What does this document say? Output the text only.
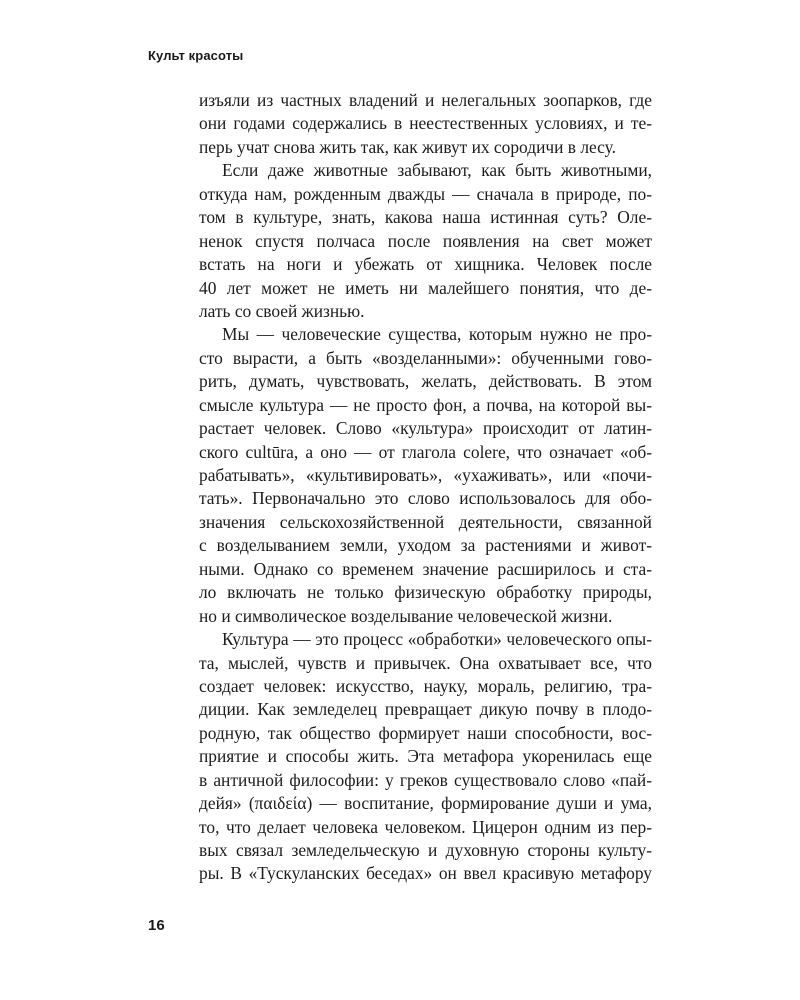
Культ красоты
изъяли из частных владений и нелегальных зоопарков, где
они годами содержались в неестественных условиях, и те-
перь учат снова жить так, как живут их сородичи в лесу.
Если даже животные забывают, как быть животными,
откуда нам, рожденным дважды — сначала в природе, по-
том в культуре, знать, какова наша истинная суть? Оле-
ненок спустя полчаса после появления на свет может
встать на ноги и убежать от хищника. Человек после
40 лет может не иметь ни малейшего понятия, что де-
лать со своей жизнью.
Мы — человеческие существа, которым нужно не про-
сто вырасти, а быть «возделанными»: обученными гово-
рить, думать, чувствовать, желать, действовать. В этом
смысле культура — не просто фон, а почва, на которой вы-
растает человек. Слово «культура» происходит от латин-
ского cultūra, а оно — от глагола colere, что означает «об-
рабатывать», «культивировать», «ухаживать», или «почи-
тать». Первоначально это слово использовалось для обо-
значения сельскохозяйственной деятельности, связанной
с возделыванием земли, уходом за растениями и живот-
ными. Однако со временем значение расширилось и ста-
ло включать не только физическую обработку природы,
но и символическое возделывание человеческой жизни.
Культура — это процесс «обработки» человеческого опы-
та, мыслей, чувств и привычек. Она охватывает все, что
создает человек: искусство, науку, мораль, религию, тра-
диции. Как земледелец превращает дикую почву в плодо-
родную, так общество формирует наши способности, вос-
приятие и способы жить. Эта метафора укоренилась еще
в античной философии: у греков существовало слово «пай-
дейя» (παιδεία) — воспитание, формирование души и ума,
то, что делает человека человеком. Цицерон одним из пер-
вых связал земледельческую и духовную стороны культу-
ры. В «Тускуланских беседах» он ввел красивую метафору
16
